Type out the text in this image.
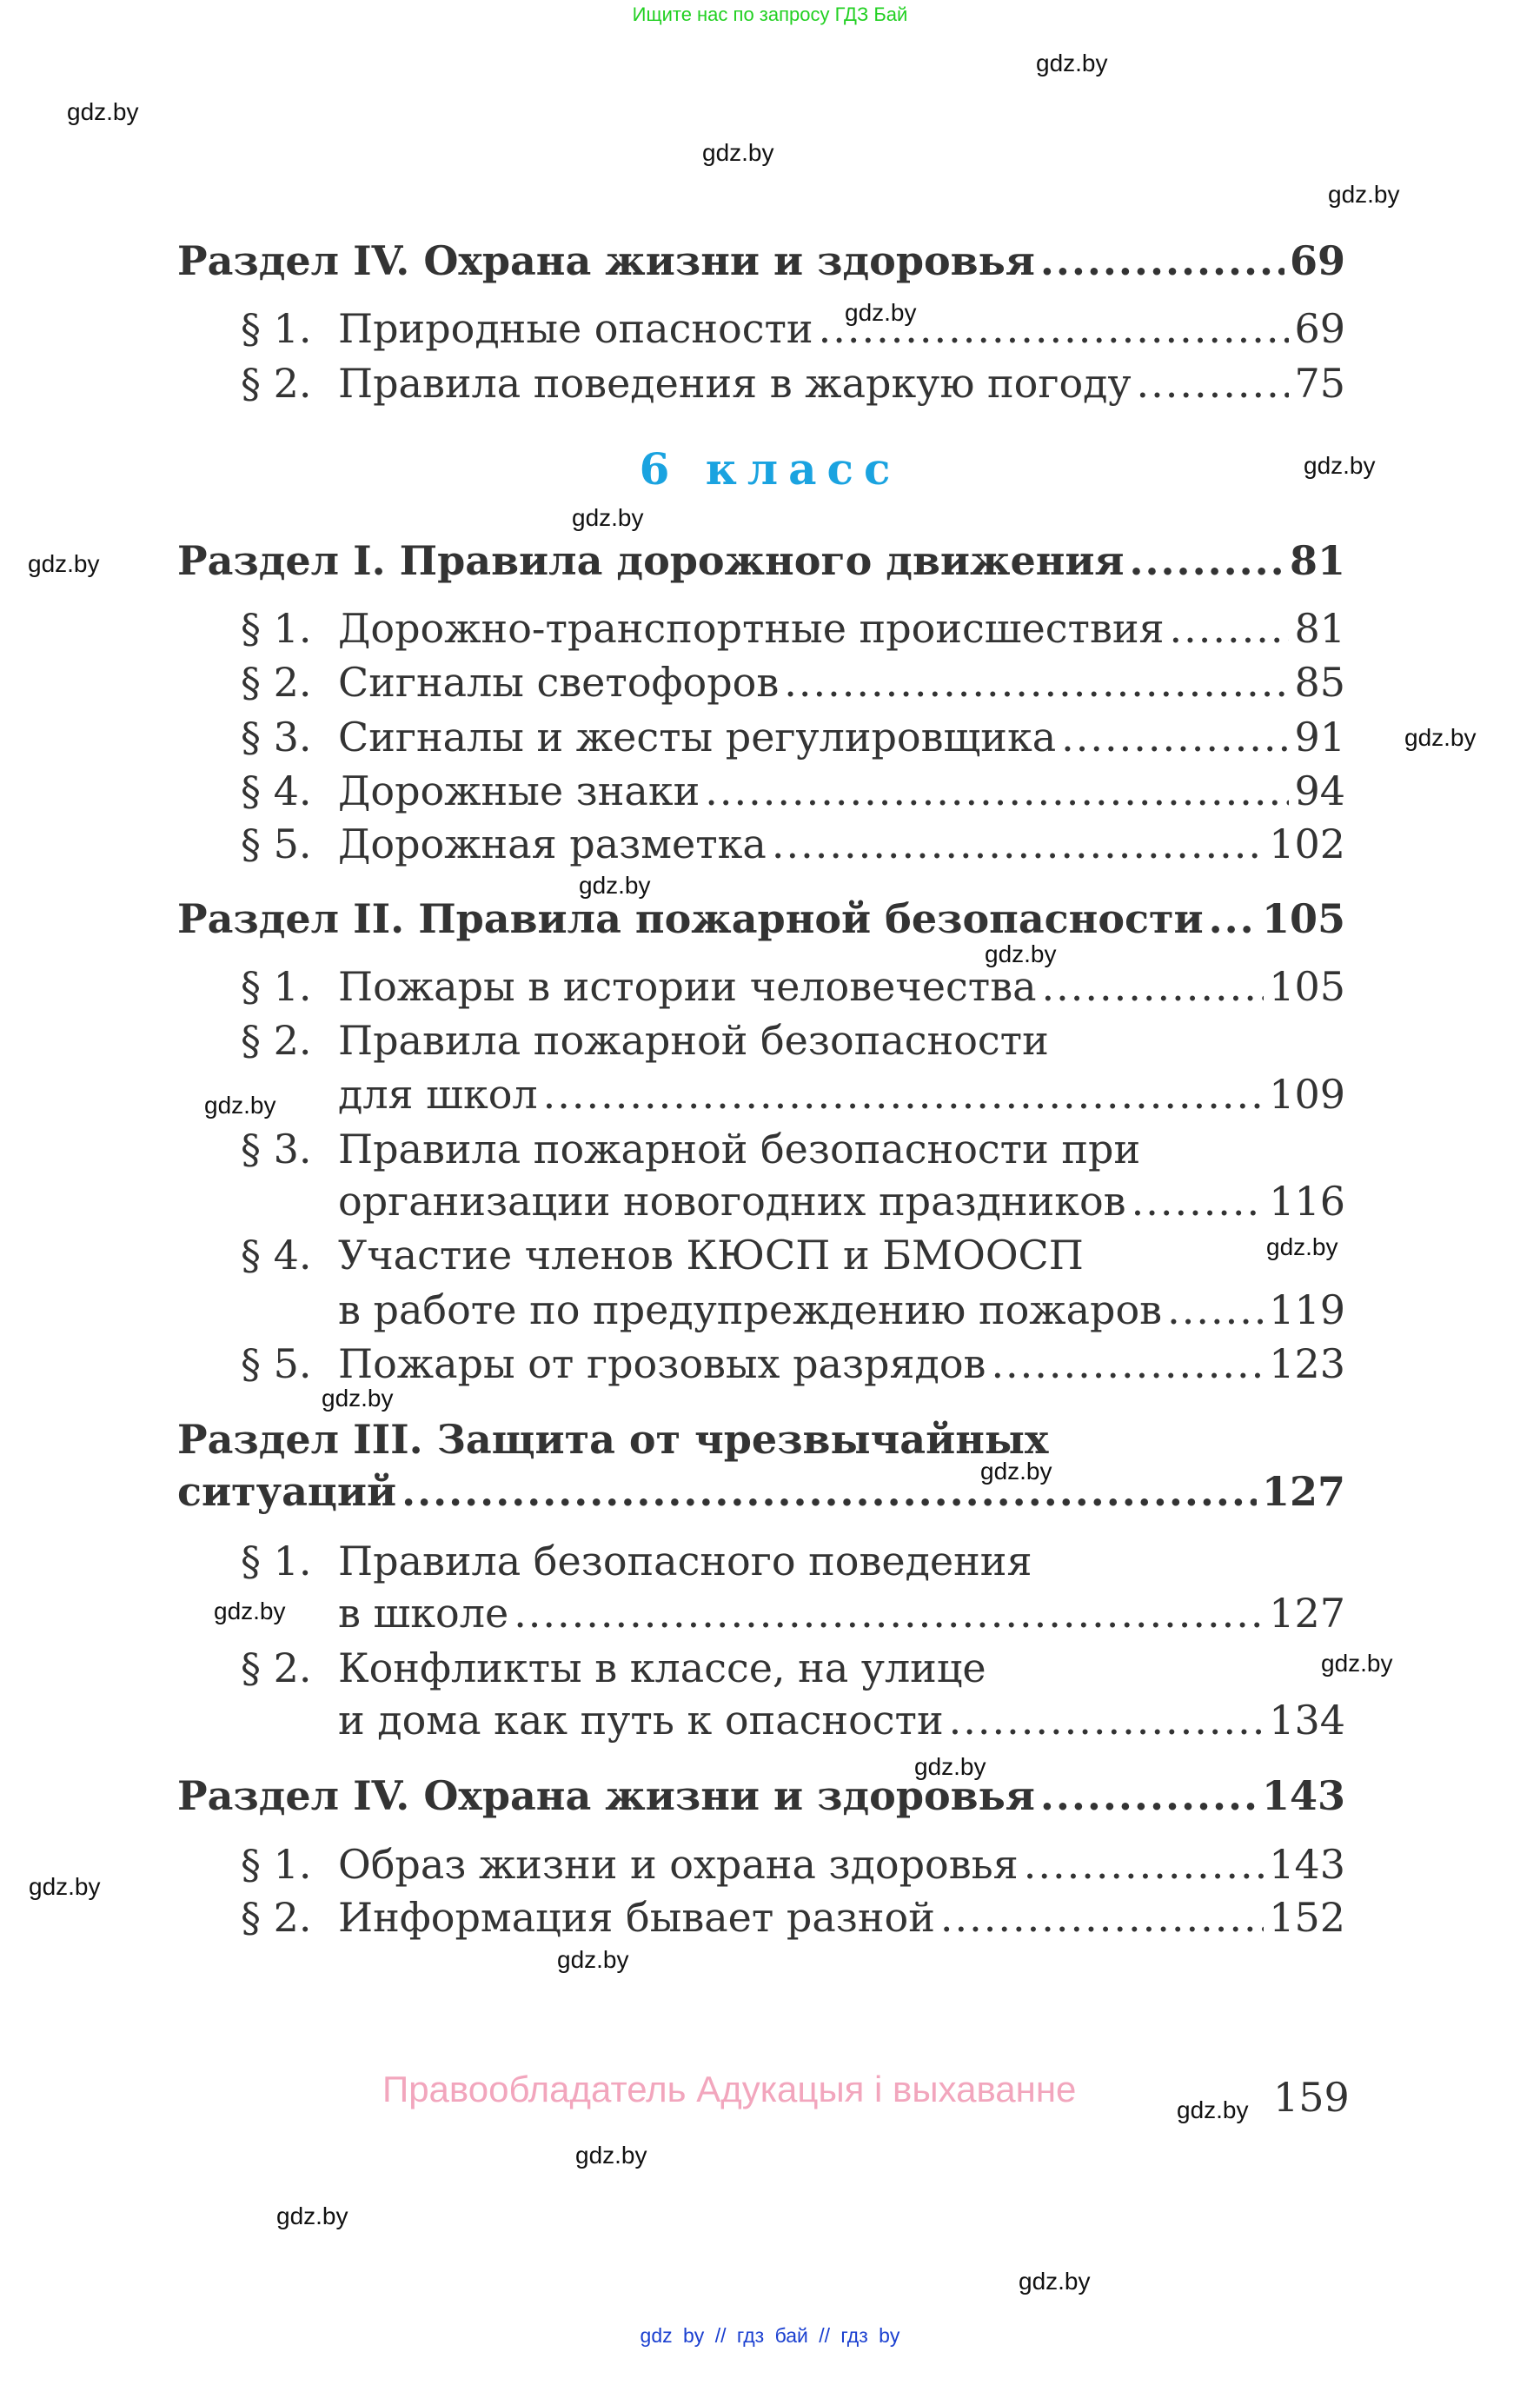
Ищите нас по запросу ГДЗ Бай
gdz.by
gdz.by
gdz.by
gdz.by
gdz.by
gdz.by
gdz.by
gdz.by
gdz.by
gdz.by
gdz.by
gdz.by
gdz.by
gdz.by
gdz.by
gdz.by
gdz.by
gdz.by
gdz.by
gdz.by
gdz.by
gdz.by
gdz.by
gdz.by
Раздел IV. Охрана жизни и здоровья .....	69
§ 1. Природные опасности .....	69
§ 2. Правила поведения в жаркую погоду .....	75
6 класс
Раздел I. Правила дорожного движения .....	81
§ 1. Дорожно-транспортные происшествия .....	81
§ 2. Сигналы светофоров .....	85
§ 3. Сигналы и жесты регулировщика .....	91
§ 4. Дорожные знаки .....	94
§ 5. Дорожная разметка .....	102
Раздел II. Правила пожарной безопасности ..... 105
§ 1. Пожары в истории человечества .....	105
§ 2. Правила пожарной безопасности
для школ .....	109
§ 3. Правила пожарной безопасности при
организации новогодних праздников .....	116
§ 4. Участие членов КЮСП и БМООСП
в работе по предупреждению пожаров .....	119
§ 5. Пожары от грозовых разрядов .....	123
Раздел III. Защита от чрезвычайных
ситуаций .....	127
§ 1. Правила безопасного поведения
в школе .....	127
§ 2. Конфликты в классе, на улице
и дома как путь к опасности .....	134
Раздел IV. Охрана жизни и здоровья .....	143
§ 1. Образ жизни и охрана здоровья .....	143
§ 2. Информация бывает разной .....	152
Правообладатель Адукацыя і выхаванне	159
gdz by // гдз бай // гдз by
